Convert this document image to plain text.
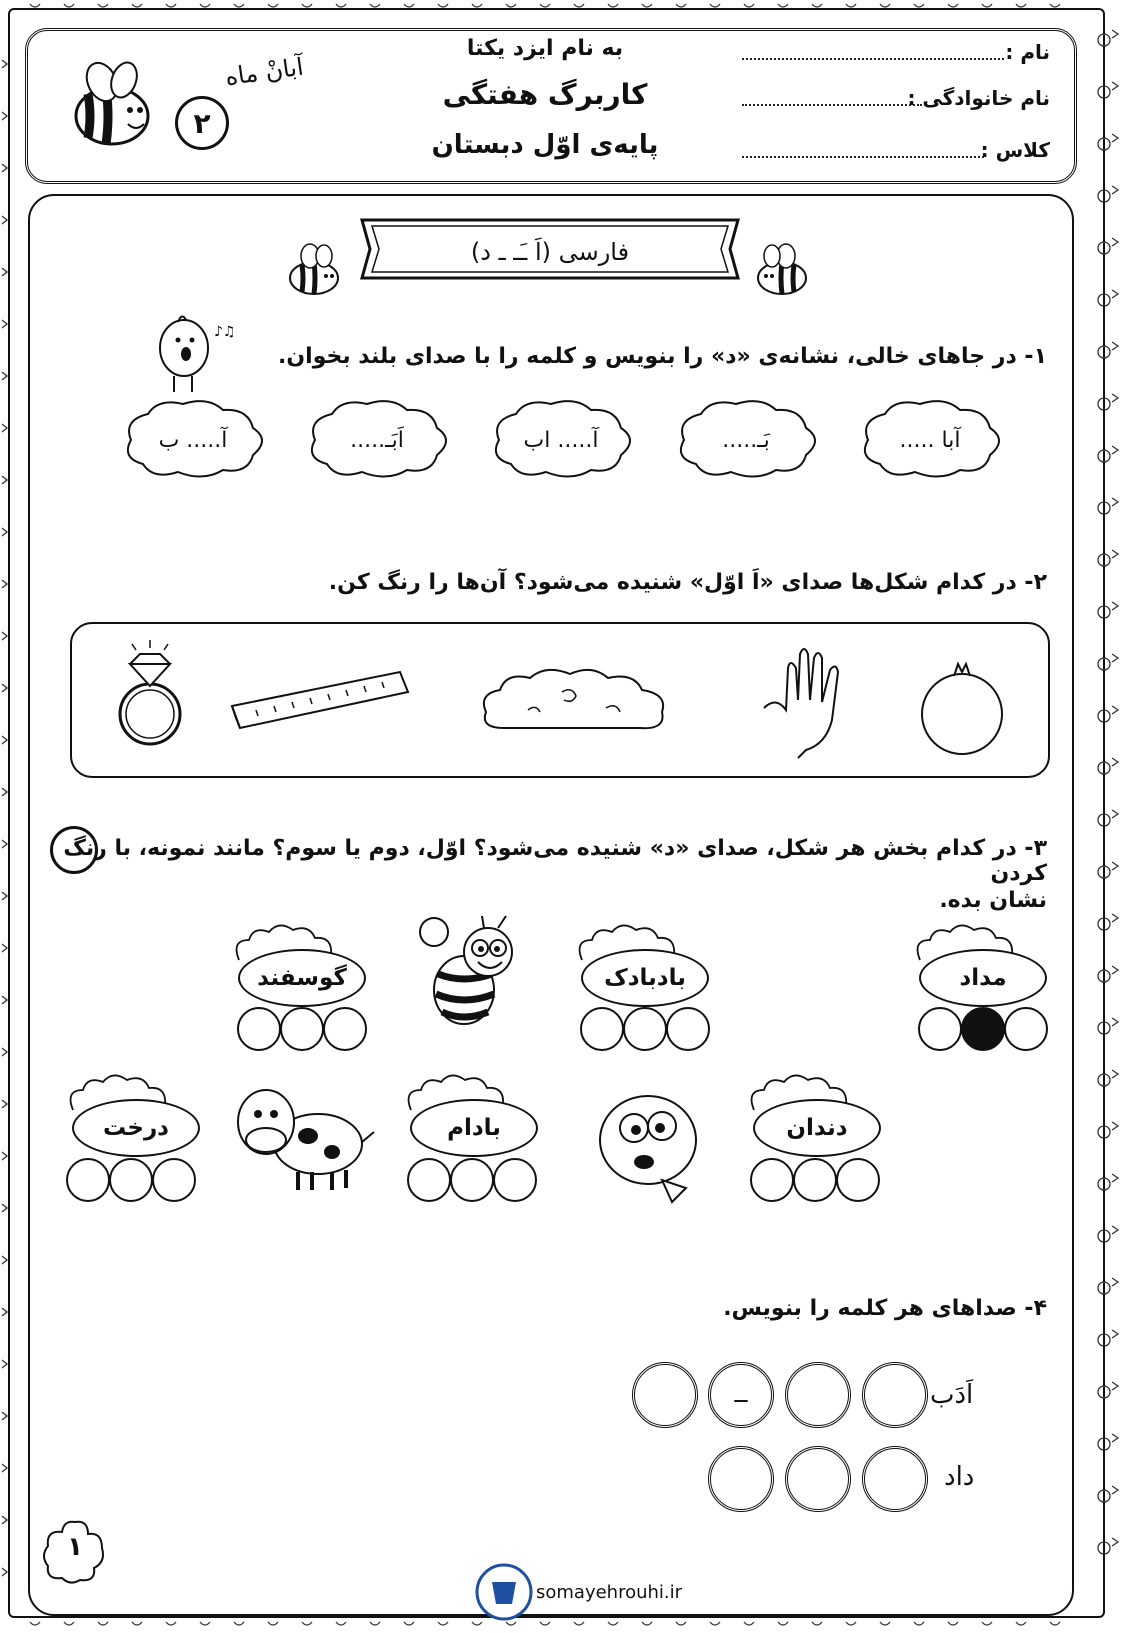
نام :
نام خانوادگی :
کلاس :
به نام ایزد یکتا
کاربرگ هفتگی
پایه‌ی اوّل دبستان
۲
آبانْ ماه
فارسی (اَ ـَـ ـ د)
♪♫
۱- در جاهای خالی، نشانه‌ی «د» را بنویس و کلمه را با صدای بلند بخوان.
آبا .....
بَـ.....
آ..... اب
اَبَـ.....
آ..... ب
۲- در کدام شکل‌ها صدای «اَ اوّل» شنیده می‌شود؟ آن‌ها را رنگ کن.
۳- در کدام بخش هر شکل، صدای «د» شنیده می‌شود؟ اوّل، دوم یا سوم؟ مانند نمونه، با رنگ کردن
نشان بده.
مداد
بادبادک
گوسفند
دندان
بادام
درخت
۴- صداهای هر کلمه را بنویس.
اَدَب
ــ
داد
۱
somayehrouhi.ir
